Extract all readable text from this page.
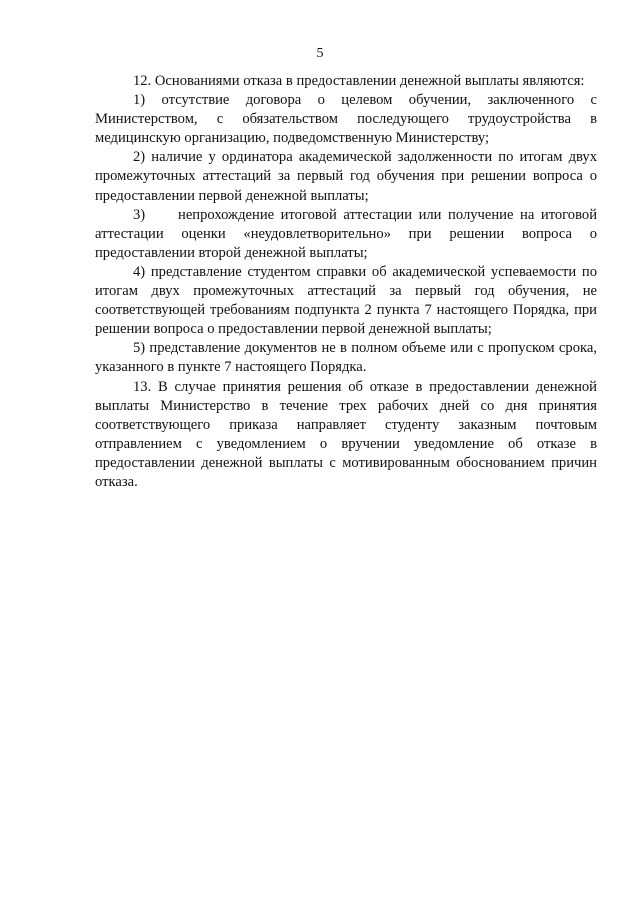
5

12. Основаниями отказа в предоставлении денежной выплаты являются:

1) отсутствие договора о целевом обучении, заключенного с Министерством, с обязательством последующего трудоустройства в медицинскую организацию, подведомственную Министерству;

2) наличие у ординатора академической задолженности по итогам двух промежуточных аттестаций за первый год обучения при решении вопроса о предоставлении первой денежной выплаты;

3)     непрохождение итоговой аттестации или получение на итоговой аттестации оценки «неудовлетворительно» при решении вопроса о предоставлении второй денежной выплаты;

4) представление студентом справки об академической успеваемости по итогам двух промежуточных аттестаций за первый год обучения, не соответствующей требованиям подпункта 2 пункта 7 настоящего Порядка, при решении вопроса о предоставлении первой денежной выплаты;

5) представление документов не в полном объеме или с пропуском срока, указанного в пункте 7 настоящего Порядка.

13. В случае принятия решения об отказе в предоставлении денежной выплаты Министерство в течение трех рабочих дней со дня принятия соответствующего приказа направляет студенту заказным почтовым отправлением с уведомлением о вручении уведомление об отказе в предоставлении денежной выплаты с мотивированным обоснованием причин отказа.
